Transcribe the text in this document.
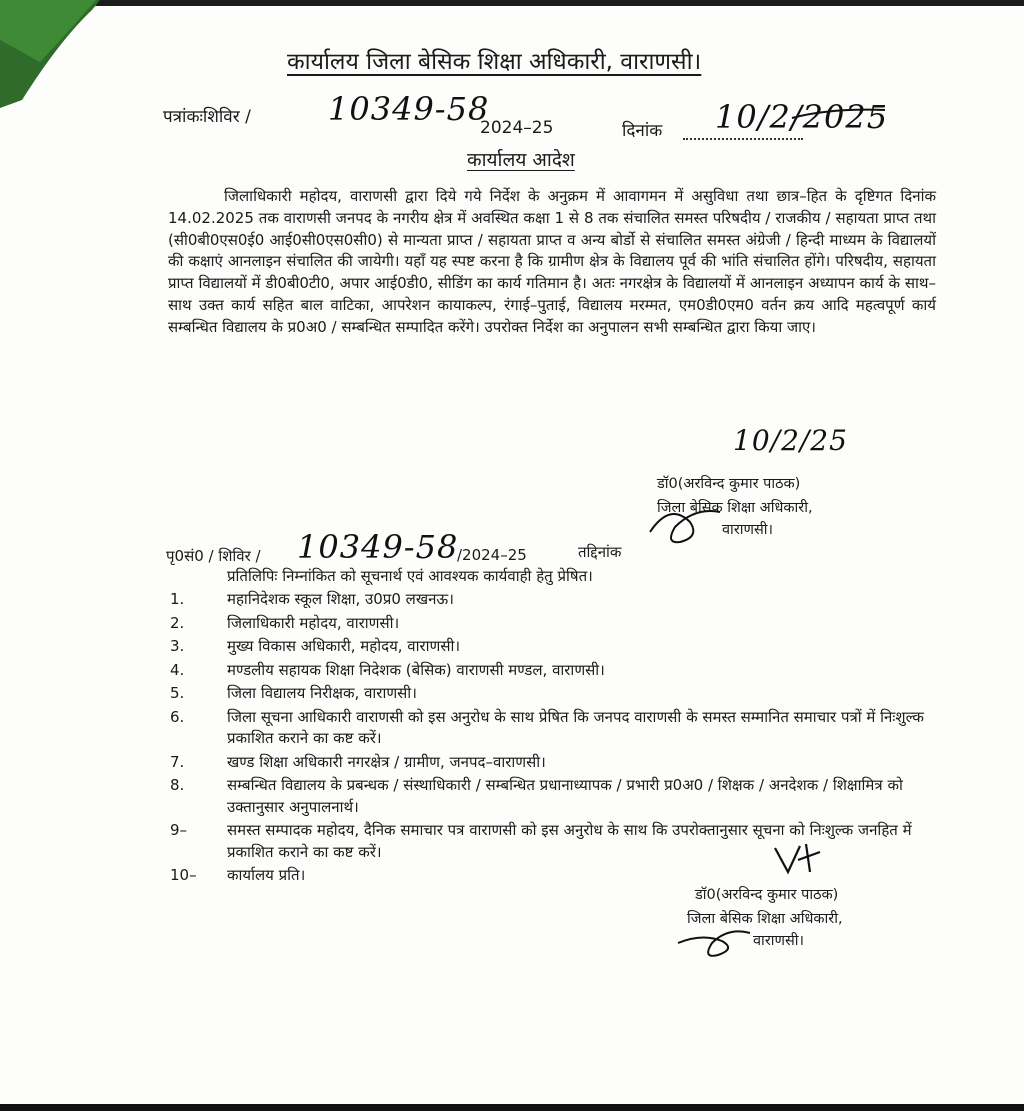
कार्यालय जिला बेसिक शिक्षा अधिकारी, वाराणसी।
पत्रांकःशिविर / 10349-58
2024–25	दिनांक 10/2/2025
कार्यालय आदेश

जिलाधिकारी महोदय, वाराणसी द्वारा दिये गये निर्देश के अनुक्रम में आवागमन में असुविधा तथा छात्र–हित के दृष्टिगत दिनांक 14.02.2025 तक वाराणसी जनपद के नगरीय क्षेत्र में अवस्थित कक्षा 1 से 8 तक संचालित समस्त परिषदीय / राजकीय / सहायता प्राप्त तथा (सी0बी0एस0ई0 आई0सी0एस0सी0) से मान्यता प्राप्त / सहायता प्राप्त व अन्य बोर्डो से संचालित समस्त अंग्रेजी / हिन्दी माध्यम के विद्यालयों की कक्षाएं आनलाइन संचालित की जायेगी। यहाँ यह स्पष्ट करना है कि ग्रामीण क्षेत्र के विद्यालय पूर्व की भांति संचालित होंगे। परिषदीय, सहायता प्राप्त विद्यालयों में डी0बी0टी0, अपार आई0डी0, सीडिंग का कार्य गतिमान है। अतः नगरक्षेत्र के विद्यालयों में आनलाइन अध्यापन कार्य के साथ–साथ उक्त कार्य सहित बाल वाटिका, आपरेशन कायाकल्प, रंगाई–पुताई, विद्यालय मरम्मत, एम0डी0एम0 वर्तन क्रय आदि महत्वपूर्ण कार्य सम्बन्धित विद्यालय के प्र0अ0 / सम्बन्धित सम्पादित करेंगे। उपरोक्त निर्देश का अनुपालन सभी सम्बन्धित द्वारा किया जाए।

10/2/25
डॉ0(अरविन्द कुमार पाठक)
जिला बेसिक शिक्षा अधिकारी,
वाराणसी।
पृ0सं0 / शिविर / 10349-58
/2024–25	तद्दिनांक
प्रतिलिपिः निम्नांकित को सूचनार्थ एवं आवश्यक कार्यवाही हेतु प्रेषित।
1.	महानिदेशक स्कूल शिक्षा, उ0प्र0 लखनऊ।
2.	जिलाधिकारी महोदय, वाराणसी।
3.	मुख्य विकास अधिकारी, महोदय, वाराणसी।
4.	मण्डलीय सहायक शिक्षा निदेशक (बेसिक) वाराणसी मण्डल, वाराणसी।
5.	जिला विद्यालय निरीक्षक, वाराणसी।
6.	जिला सूचना आधिकारी वाराणसी को इस अनुरोध के साथ प्रेषित कि जनपद वाराणसी के समस्त सम्मानित समाचार पत्रों में निःशुल्क प्रकाशित कराने का कष्ट करें।
7.	खण्ड शिक्षा अधिकारी नगरक्षेत्र / ग्रामीण, जनपद–वाराणसी।
8.	सम्बन्धित विद्यालय के प्रबन्धक / संस्थाधिकारी / सम्बन्धित प्रधानाध्यापक / प्रभारी प्र0अ0 / शिक्षक / अनदेशक / शिक्षामित्र को उक्तानुसार अनुपालनार्थ।
9–	समस्त सम्पादक महोदय, दैनिक समाचार पत्र वाराणसी को इस अनुरोध के साथ कि उपरोक्तानुसार सूचना को निःशुल्क जनहित में प्रकाशित कराने का कष्ट करें।
10–	कार्यालय प्रति।
डॉ0(अरविन्द कुमार पाठक)
जिला बेसिक शिक्षा अधिकारी,
वाराणसी।
